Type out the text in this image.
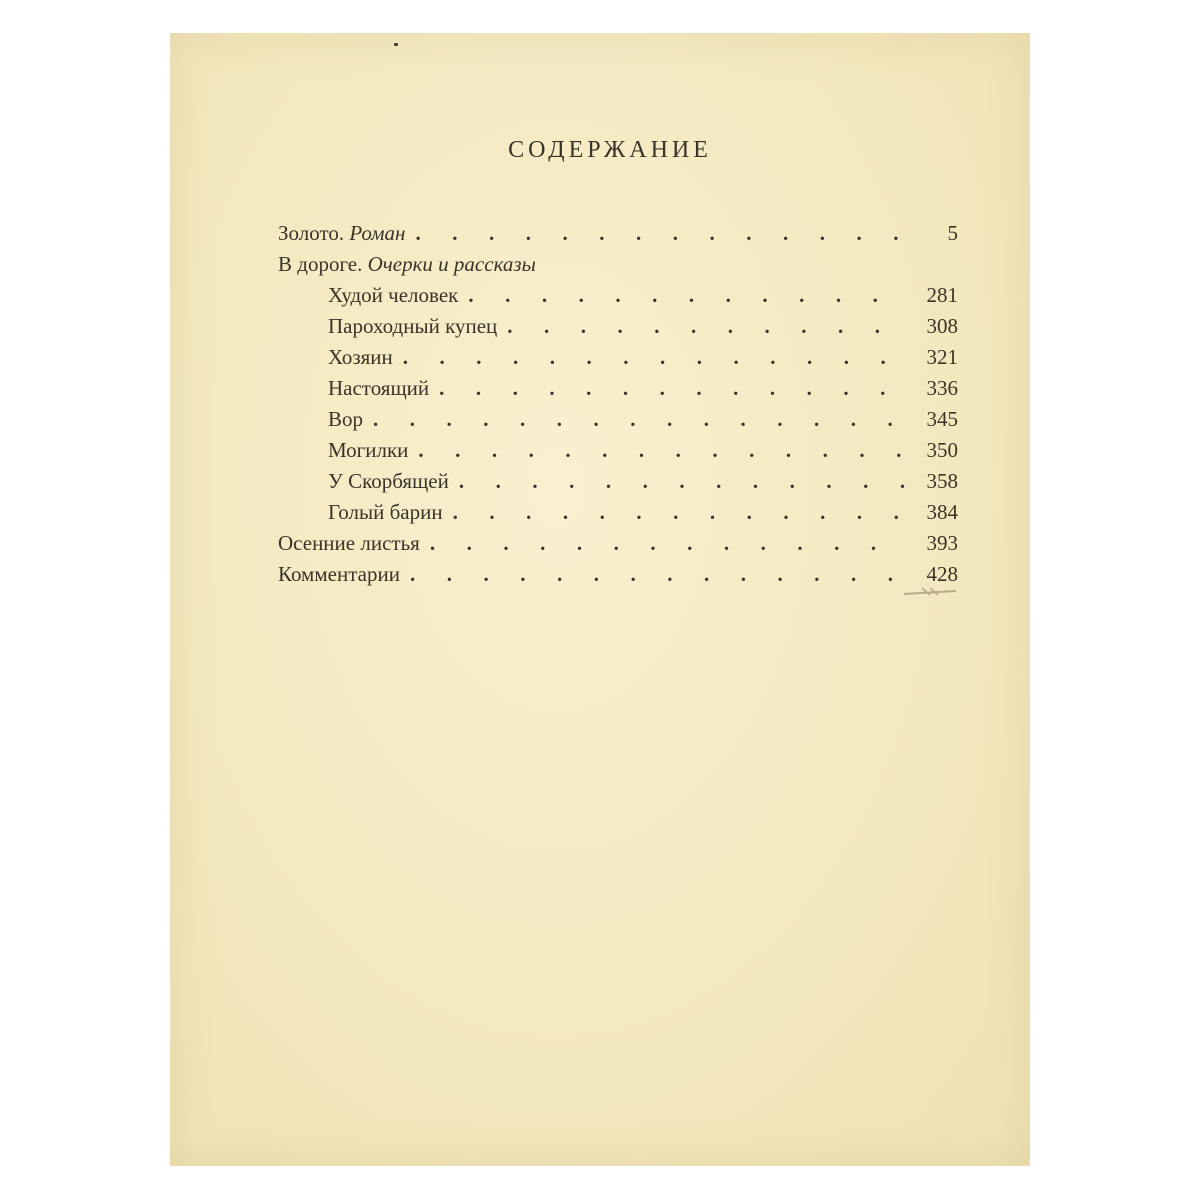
СОДЕРЖАНИЕ
Золото. Роман .	5
В дороге. Очерки и рассказы
Худой человек .	281
Пароходный купец .	308
Хозяин .	321
Настоящий .	336
Вор .	345
Могилки .	350
У Скорбящей .	358
Голый барин .	384
Осенние листья .	393
Комментарии .	428
